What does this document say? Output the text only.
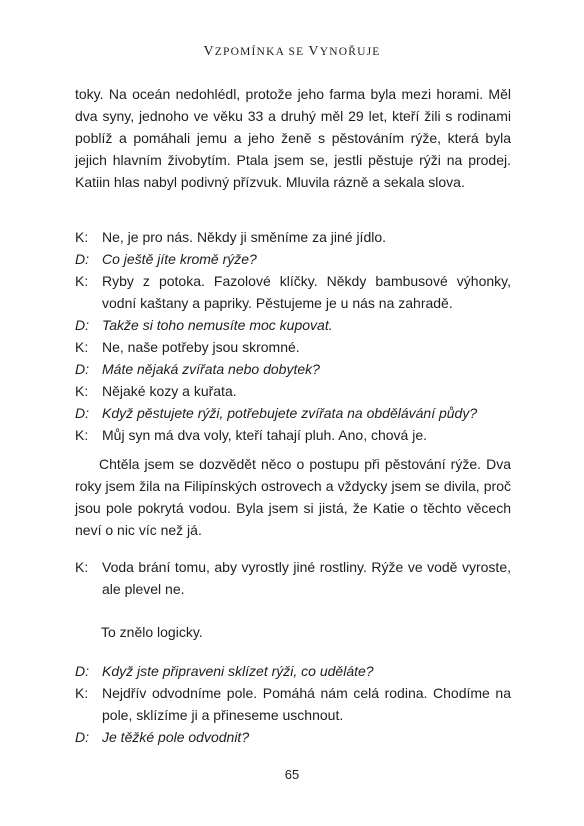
VZPOMÍNKA SE VYNOŘUJE

toky. Na oceán nedohlédl, protože jeho farma byla mezi horami. Měl dva syny, jednoho ve věku 33 a druhý měl 29 let, kteří žili s rodinami poblíž a pomáhali jemu a jeho ženě s pěstováním rýže, která byla jejich hlavním živobytím. Ptala jsem se, jestli pěstuje rýži na prodej. Katiin hlas nabyl podivný přízvuk. Mluvila rázně a sekala slova.

K: Ne, je pro nás. Někdy ji směníme za jiné jídlo.
D: Co ještě jíte kromě rýže?
K: Ryby z potoka. Fazolové klíčky. Někdy bambusové výhonky, vodní kaštany a papriky. Pěstujeme je u nás na zahradě.
D: Takže si toho nemusíte moc kupovat.
K: Ne, naše potřeby jsou skromné.
D: Máte nějaká zvířata nebo dobytek?
K: Nějaké kozy a kuřata.
D: Když pěstujete rýži, potřebujete zvířata na obdělávání půdy?
K: Můj syn má dva voly, kteří tahají pluh. Ano, chová je.

Chtěla jsem se dozvědět něco o postupu při pěstování rýže. Dva roky jsem žila na Filipínských ostrovech a vždycky jsem se divila, proč jsou pole pokrytá vodou. Byla jsem si jistá, že Katie o těchto věcech neví o nic víc než já.

K: Voda brání tomu, aby vyrostly jiné rostliny. Rýže ve vodě vyroste, ale plevel ne.
To znělo logicky.
D: Když jste připraveni sklízet rýži, co uděláte?
K: Nejdřív odvodníme pole. Pomáhá nám celá rodina. Chodíme na pole, sklízíme ji a přineseme uschnout.
D: Je těžké pole odvodnit?
65
